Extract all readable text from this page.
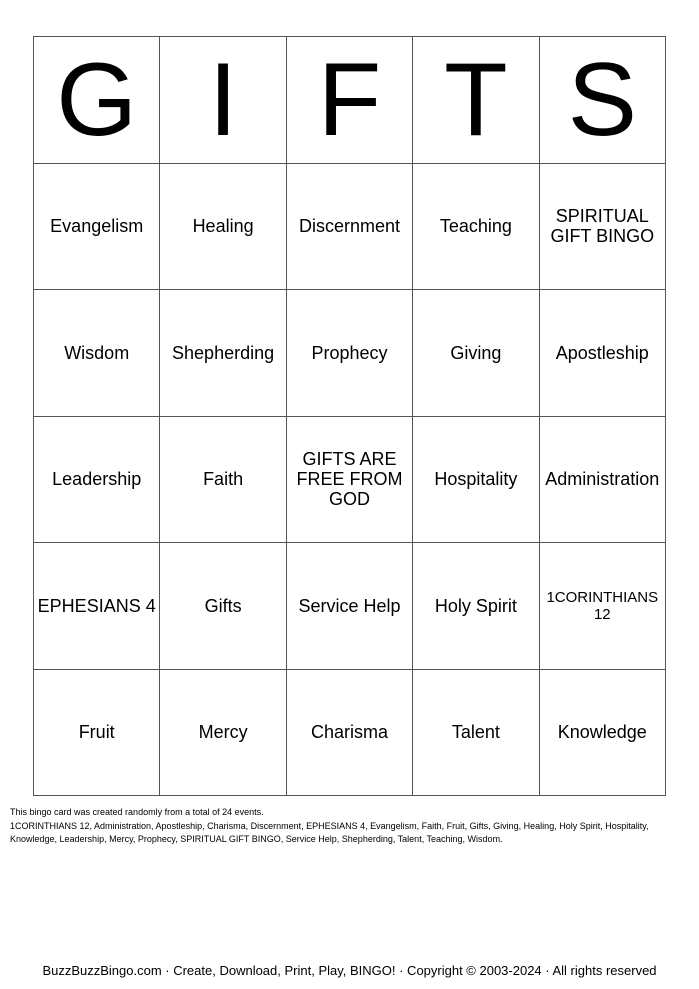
G	I	F	T	S
Evangelism	Healing	Discernment	Teaching	SPIRITUAL GIFT BINGO
Wisdom	Shepherding	Prophecy	Giving	Apostleship
Leadership	Faith	GIFTS ARE FREE FROM GOD	Hospitality	Administration
EPHESIANS 4	Gifts	Service Help	Holy Spirit	1CORINTHIANS 12
Fruit	Mercy	Charisma	Talent	Knowledge
This bingo card was created randomly from a total of 24 events.
1CORINTHIANS 12, Administration, Apostleship, Charisma, Discernment, EPHESIANS 4, Evangelism, Faith, Fruit, Gifts, Giving, Healing, Holy Spirit, Hospitality, Knowledge, Leadership, Mercy, Prophecy, SPIRITUAL GIFT BINGO, Service Help, Shepherding, Talent, Teaching, Wisdom.
BuzzBuzzBingo.com · Create, Download, Print, Play, BINGO! · Copyright © 2003-2024 · All rights reserved
